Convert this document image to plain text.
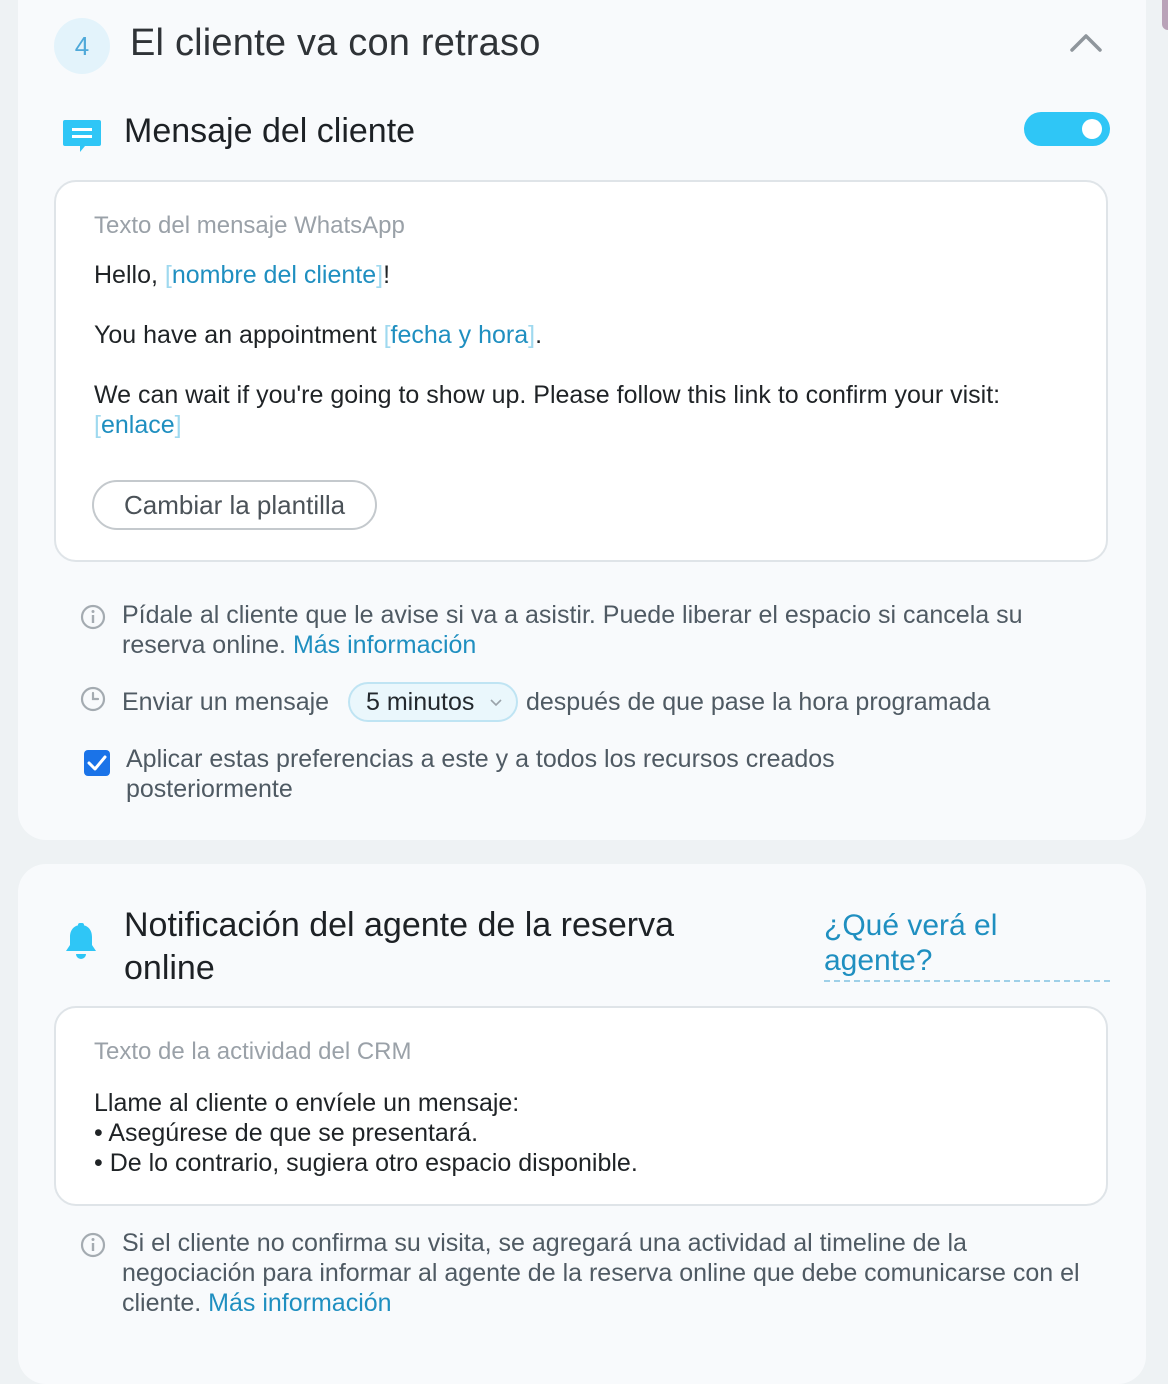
4	El cliente va con retraso
Mensaje del cliente
Texto del mensaje WhatsApp

Hello, [nombre del cliente]!

You have an appointment [fecha y hora].

We can wait if you're going to show up. Please follow this link to confirm your visit: [enlace]

Cambiar la plantilla
Pídale al cliente que le avise si va a asistir. Puede liberar el espacio si cancela su reserva online. Más información
Enviar un mensaje	5 minutos	después de que pase la hora programada
Aplicar estas preferencias a este y a todos los recursos creados posteriormente
Notificación del agente de la reserva online
¿Qué verá el agente?
Texto de la actividad del CRM
Llame al cliente o envíele un mensaje:
• Asegúrese de que se presentará.
• De lo contrario, sugiera otro espacio disponible.
Si el cliente no confirma su visita, se agregará una actividad al timeline de la negociación para informar al agente de la reserva online que debe comunicarse con el cliente. Más información
